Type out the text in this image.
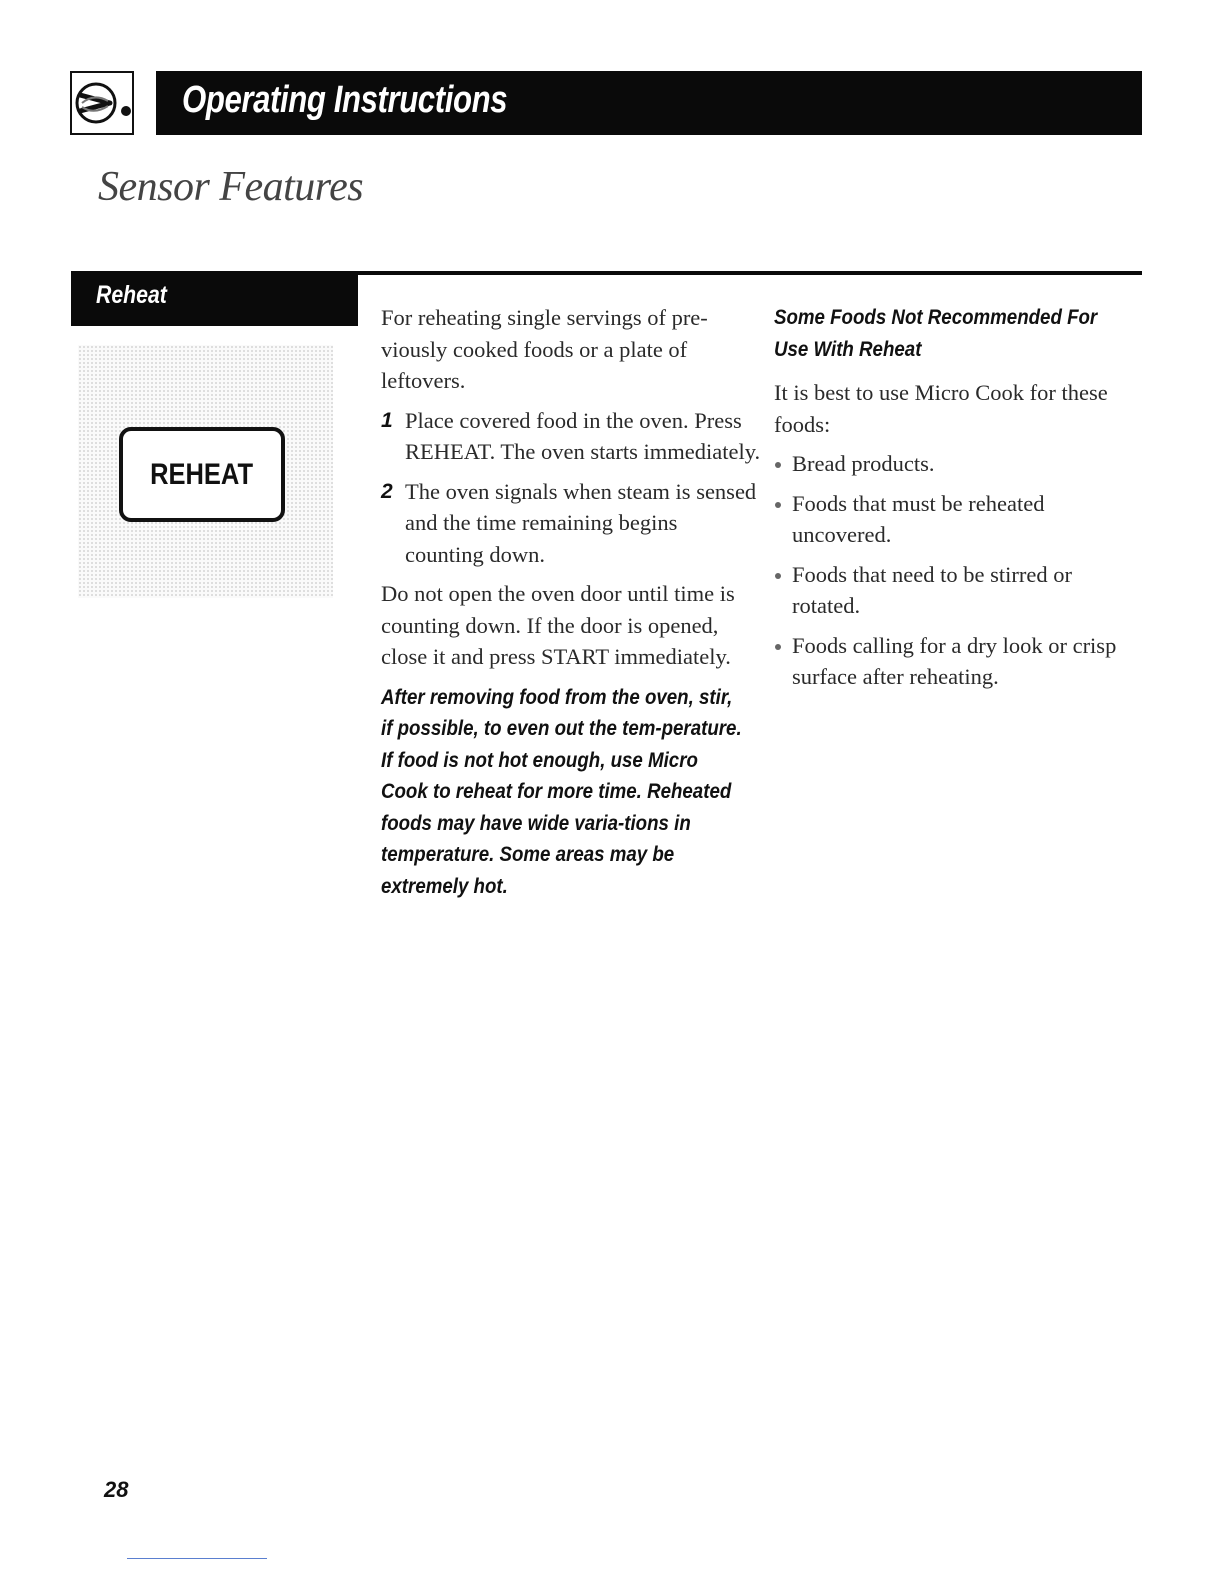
Operating Instructions
Sensor Features
Reheat
REHEAT

For reheating single servings of pre-viously cooked foods or a plate of leftovers.

1 Place covered food in the oven. Press REHEAT. The oven starts immediately.
2 The oven signals when steam is sensed and the time remaining begins counting down.

Do not open the oven door until time is counting down. If the door is opened, close it and press START immediately.

After removing food from the oven, stir, if possible, to even out the tem-perature. If food is not hot enough, use Micro Cook to reheat for more time. Reheated foods may have wide varia-tions in temperature. Some areas may be extremely hot.

Some Foods Not Recommended For Use With Reheat

It is best to use Micro Cook for these foods:

Bread products.

Foods that must be reheated uncovered.

Foods that need to be stirred or rotated.

Foods calling for a dry look or crisp surface after reheating.

28
